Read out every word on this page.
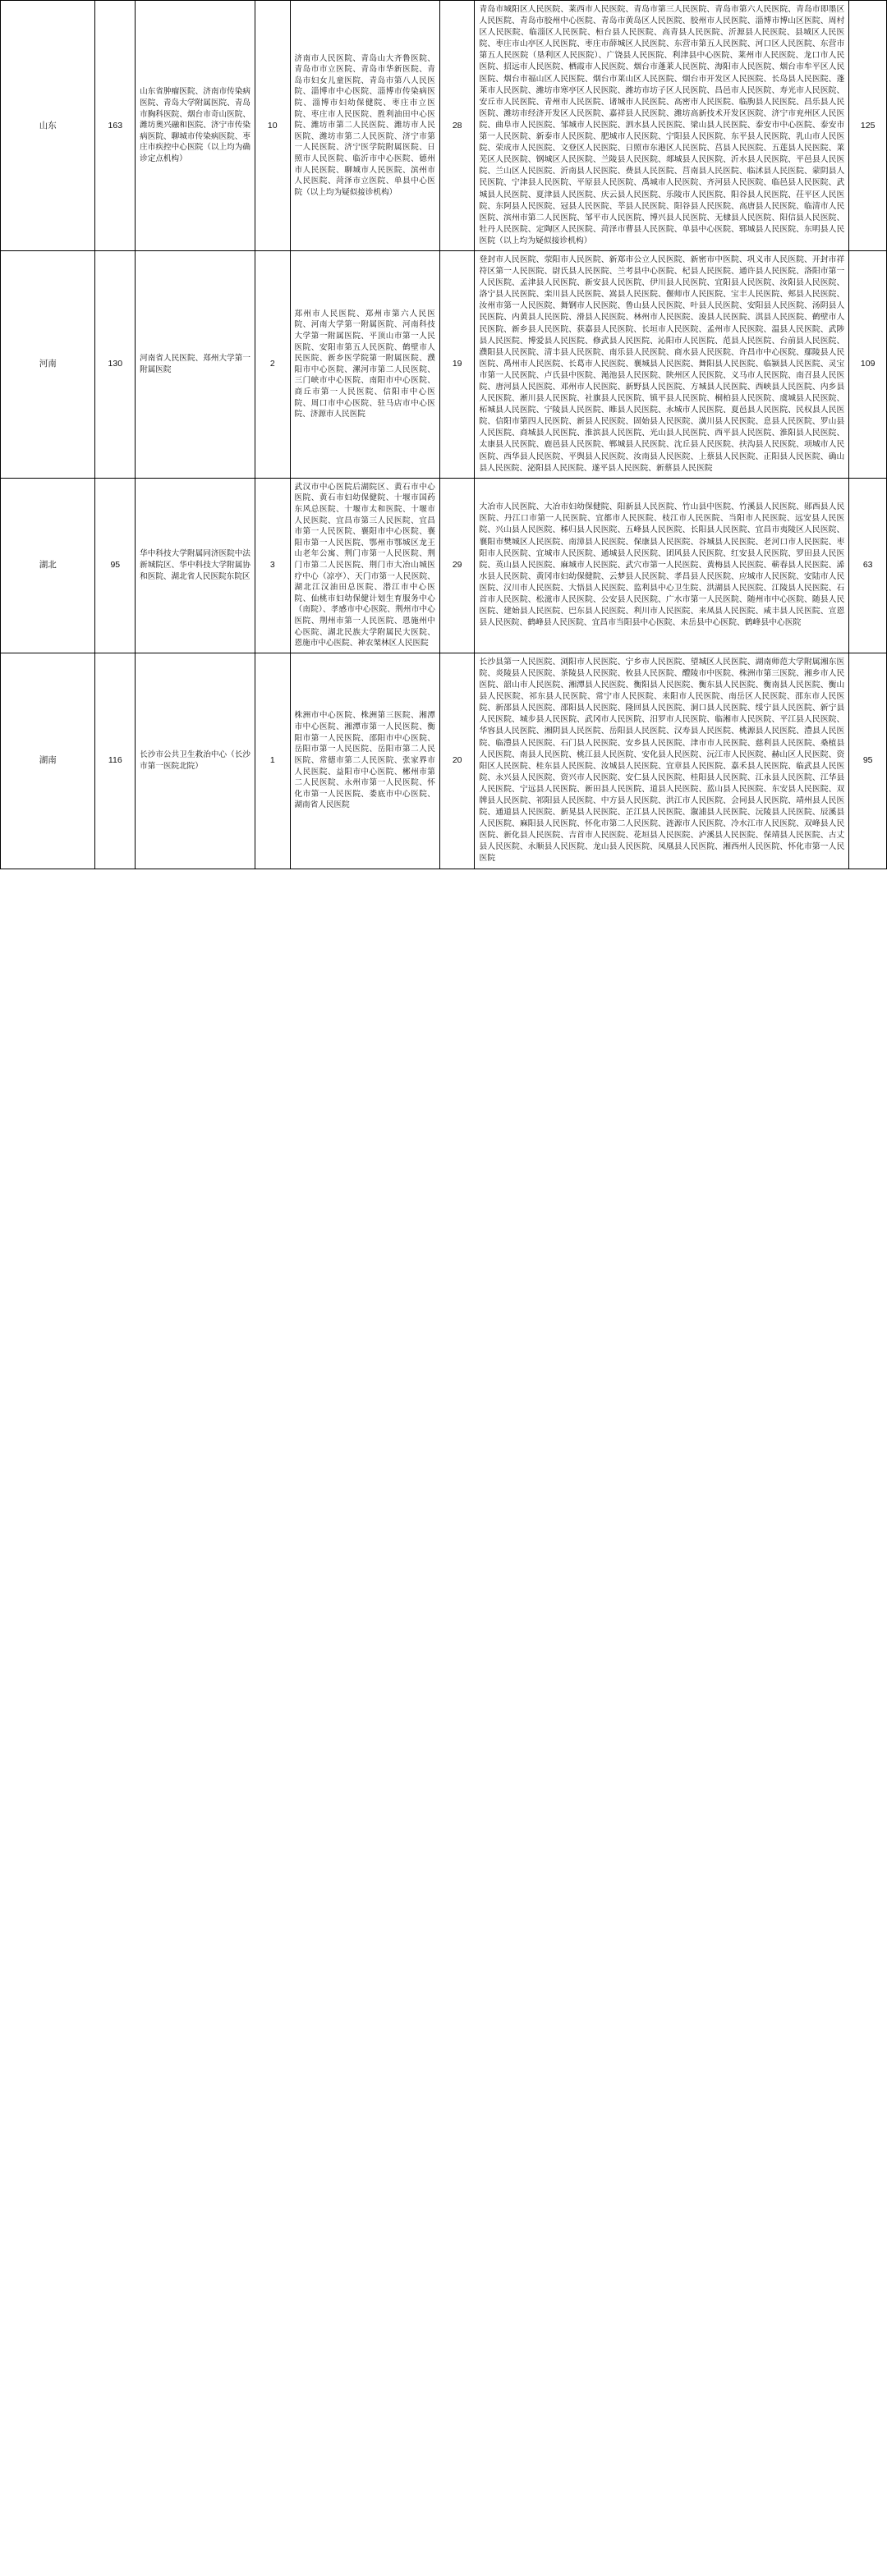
山东	163	山东省肿瘤医院、济南市传染病医院、青岛大学附属医院、青岛市胸科医院、烟台市奇山医院、潍坊奥兴融和医院、济宁市传染病医院、聊城市传染病医院、枣庄市疾控中心医院（以上均为确诊定点机构）	10	济南市人民医院、青岛山大齐鲁医院、青岛市市立医院、青岛市华新医院、青岛市妇女儿童医院、青岛市第八人民医院、淄博市中心医院、淄博市传染病医院、淄博市妇幼保健院、枣庄市立医院、枣庄市人民医院、胜利油田中心医院、潍坊市第二人民医院、潍坊市人民医院、潍坊市第二人民医院、济宁市第一人民医院、济宁医学院附属医院、日照市人民医院、临沂市中心医院、德州市人民医院、聊城市人民医院、滨州市人民医院、菏泽市立医院、单县中心医院（以上均为疑似接诊机构）	28	青岛市城阳区人民医院、莱西市人民医院、青岛市第三人民医院、青岛市第六人民医院、青岛市即墨区人民医院、青岛市胶州中心医院、青岛市黄岛区人民医院、胶州市人民医院、淄博市博山区医院、周村区人民医院、临淄区人民医院、桓台县人民医院、高青县人民医院、沂源县人民医院、县城区人民医院、枣庄市山亭区人民医院、枣庄市薛城区人民医院、东营市第五人民医院、河口区人民医院、东营市第五人民医院（垦利区人民医院）、广饶县人民医院、利津县中心医院、莱州市人民医院、龙口市人民医院、招远市人民医院、栖霞市人民医院、烟台市蓬莱人民医院、海阳市人民医院、烟台市牟平区人民医院、烟台市福山区人民医院、烟台市莱山区人民医院、烟台市开发区人民医院、长岛县人民医院、蓬莱市人民医院、潍坊市寒亭区人民医院、潍坊市坊子区人民医院、昌邑市人民医院、寿光市人民医院、安丘市人民医院、青州市人民医院、诸城市人民医院、高密市人民医院、临朐县人民医院、昌乐县人民医院、潍坊市经济开发区人民医院、嘉祥县人民医院、潍坊高新技术开发区医院、济宁市兖州区人民医院、曲阜市人民医院、邹城市人民医院、泗水县人民医院、梁山县人民医院、泰安市中心医院、泰安市第一人民医院、新泰市人民医院、肥城市人民医院、宁阳县人民医院、东平县人民医院、乳山市人民医院、荣成市人民医院、文登区人民医院、日照市东港区人民医院、莒县人民医院、五莲县人民医院、莱芜区人民医院、钢城区人民医院、兰陵县人民医院、郯城县人民医院、沂水县人民医院、平邑县人民医院、兰山区人民医院、沂南县人民医院、费县人民医院、莒南县人民医院、临沭县人民医院、蒙阴县人民医院、宁津县人民医院、平原县人民医院、禹城市人民医院、齐河县人民医院、临邑县人民医院、武城县人民医院、夏津县人民医院、庆云县人民医院、乐陵市人民医院、阳谷县人民医院、茌平区人民医院、东阿县人民医院、冠县人民医院、莘县人民医院、阳谷县人民医院、高唐县人民医院、临清市人民医院、滨州市第二人民医院、邹平市人民医院、博兴县人民医院、无棣县人民医院、阳信县人民医院、牡丹人民医院、定陶区人民医院、菏泽市曹县人民医院、单县中心医院、郓城县人民医院、东明县人民医院（以上均为疑似接诊机构）	125
河南	130	河南省人民医院、郑州大学第一附属医院	2	郑州市人民医院、郑州市第六人民医院、河南大学第一附属医院、河南科技大学第一附属医院、平顶山市第一人民医院、安阳市第五人民医院、鹤壁市人民医院、新乡医学院第一附属医院、濮阳市中心医院、漯河市第二人民医院、三门峡市中心医院、南阳市中心医院、商丘市第一人民医院、信阳市中心医院、周口市中心医院、驻马店市中心医院、济源市人民医院	19	登封市人民医院、荥阳市人民医院、新郑市公立人民医院、新密市中医院、巩义市人民医院、开封市祥符区第一人民医院、尉氏县人民医院、兰考县中心医院、杞县人民医院、通许县人民医院、洛阳市第一人民医院、孟津县人民医院、新安县人民医院、伊川县人民医院、宜阳县人民医院、汝阳县人民医院、洛宁县人民医院、栾川县人民医院、嵩县人民医院、偃师市人民医院、宝丰人民医院、郏县人民医院、汝州市第一人民医院、舞钢市人民医院、鲁山县人民医院、叶县人民医院、安阳县人民医院、汤阴县人民医院、内黄县人民医院、滑县人民医院、林州市人民医院、浚县人民医院、淇县人民医院、鹤壁市人民医院、新乡县人民医院、获嘉县人民医院、长垣市人民医院、孟州市人民医院、温县人民医院、武陟县人民医院、博爱县人民医院、修武县人民医院、沁阳市人民医院、范县人民医院、台前县人民医院、濮阳县人民医院、清丰县人民医院、南乐县人民医院、商水县人民医院、许昌市中心医院、鄢陵县人民医院、禹州市人民医院、长葛市人民医院、襄城县人民医院、舞阳县人民医院、临颍县人民医院、灵宝市第一人民医院、卢氏县中医院、渑池县人民医院、陕州区人民医院、义马市人民医院、南召县人民医院、唐河县人民医院、邓州市人民医院、新野县人民医院、方城县人民医院、西峡县人民医院、内乡县人民医院、淅川县人民医院、社旗县人民医院、镇平县人民医院、桐柏县人民医院、虞城县人民医院、柘城县人民医院、宁陵县人民医院、睢县人民医院、永城市人民医院、夏邑县人民医院、民权县人民医院、信阳市第四人民医院、新县人民医院、固始县人民医院、潢川县人民医院、息县人民医院、罗山县人民医院、商城县人民医院、淮滨县人民医院、光山县人民医院、西平县人民医院、淮阳县人民医院、太康县人民医院、鹿邑县人民医院、郸城县人民医院、沈丘县人民医院、扶沟县人民医院、项城市人民医院、西华县人民医院、平舆县人民医院、汝南县人民医院、上蔡县人民医院、正阳县人民医院、确山县人民医院、泌阳县人民医院、遂平县人民医院、新蔡县人民医院	109
湖北	95	华中科技大学附属同济医院中法新城院区、华中科技大学附属协和医院、湖北省人民医院东院区	3	武汉市中心医院后湖院区、黄石市中心医院、黄石市妇幼保健院、十堰市国药东风总医院、十堰市太和医院、十堰市人民医院、宜昌市第三人民医院、宜昌市第一人民医院、襄阳市中心医院、襄阳市第一人民医院、鄂州市鄂城区龙王山老年公寓、荆门市第一人民医院、荆门市第二人民医院、荆门市大冶山城医疗中心（凉亭）、天门市第一人民医院、湖北江汉油田总医院、潜江市中心医院、仙桃市妇幼保健计划生育服务中心（南院）、孝感市中心医院、荆州市中心医院、荆州市第一人民医院、恩施州中心医院、湖北民族大学附属民大医院、恩施市中心医院、神农架林区人民医院	29	大冶市人民医院、大冶市妇幼保健院、阳新县人民医院、竹山县中医院、竹溪县人民医院、郧西县人民医院、丹江口市第一人民医院、宜都市人民医院、枝江市人民医院、当阳市人民医院、远安县人民医院、兴山县人民医院、秭归县人民医院、五峰县人民医院、长阳县人民医院、宜昌市夷陵区人民医院、襄阳市樊城区人民医院、南漳县人民医院、保康县人民医院、谷城县人民医院、老河口市人民医院、枣阳市人民医院、宜城市人民医院、通城县人民医院、团风县人民医院、红安县人民医院、罗田县人民医院、英山县人民医院、麻城市人民医院、武穴市第一人民医院、黄梅县人民医院、蕲春县人民医院、浠水县人民医院、黄冈市妇幼保健院、云梦县人民医院、孝昌县人民医院、应城市人民医院、安陆市人民医院、汉川市人民医院、大悟县人民医院、监利县中心卫生院、洪湖县人民医院、江陵县人民医院、石首市人民医院、松滋市人民医院、公安县人民医院、广水市第一人民医院、随州市中心医院、随县人民医院、建始县人民医院、巴东县人民医院、利川市人民医院、来凤县人民医院、咸丰县人民医院、宣恩县人民医院、鹤峰县人民医院、宜昌市当阳县中心医院、未岳县中心医院、鹤峰县中心医院	63
湖南	116	长沙市公共卫生救治中心（长沙市第一医院北院）	1	株洲市中心医院、株洲第三医院、湘潭市中心医院、湘潭市第一人民医院、衡阳市第一人民医院、邵阳市中心医院、岳阳市第一人民医院、岳阳市第二人民医院、常德市第二人民医院、张家界市人民医院、益阳市中心医院、郴州市第二人民医院、永州市第一人民医院、怀化市第一人民医院、娄底市中心医院、湖南省人民医院	20	长沙县第一人民医院、浏阳市人民医院、宁乡市人民医院、望城区人民医院、湖南师范大学附属湘东医院、炎陵县人民医院、茶陵县人民医院、攸县人民医院、醴陵市中医院、株洲市第三医院、湘乡市人民医院、韶山市人民医院、湘潭县人民医院、衡阳县人民医院、衡东县人民医院、衡南县人民医院、衡山县人民医院、祁东县人民医院、常宁市人民医院、耒阳市人民医院、南岳区人民医院、邵东市人民医院、新邵县人民医院、邵阳县人民医院、隆回县人民医院、洞口县人民医院、绥宁县人民医院、新宁县人民医院、城步县人民医院、武冈市人民医院、汨罗市人民医院、临湘市人民医院、平江县人民医院、华容县人民医院、湘阴县人民医院、岳阳县人民医院、汉寿县人民医院、桃源县人民医院、澧县人民医院、临澧县人民医院、石门县人民医院、安乡县人民医院、津市市人民医院、慈利县人民医院、桑植县人民医院、南县人民医院、桃江县人民医院、安化县人民医院、沅江市人民医院、赫山区人民医院、资阳区人民医院、桂东县人民医院、汝城县人民医院、宜章县人民医院、嘉禾县人民医院、临武县人民医院、永兴县人民医院、资兴市人民医院、安仁县人民医院、桂阳县人民医院、江永县人民医院、江华县人民医院、宁远县人民医院、新田县人民医院、道县人民医院、蓝山县人民医院、东安县人民医院、双牌县人民医院、祁阳县人民医院、中方县人民医院、洪江市人民医院、会同县人民医院、靖州县人民医院、通道县人民医院、新晃县人民医院、芷江县人民医院、溆浦县人民医院、沅陵县人民医院、辰溪县人民医院、麻阳县人民医院、怀化市第二人民医院、涟源市人民医院、冷水江市人民医院、双峰县人民医院、新化县人民医院、吉首市人民医院、花垣县人民医院、泸溪县人民医院、保靖县人民医院、古丈县人民医院、永顺县人民医院、龙山县人民医院、凤凰县人民医院、湘西州人民医院、怀化市第一人民医院	95
